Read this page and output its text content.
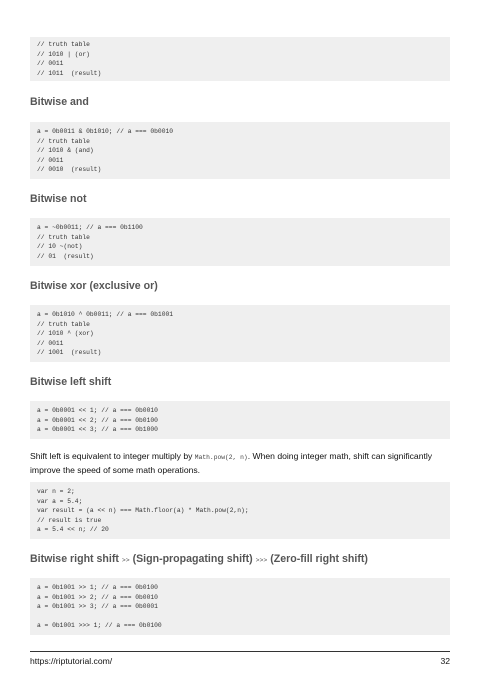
// truth table
// 1010 | (or)
// 0011
// 1011  (result)
Bitwise and
a = 0b0011 & 0b1010; // a === 0b0010
// truth table
// 1010 & (and)
// 0011
// 0010  (result)
Bitwise not
a = ~0b0011; // a === 0b1100
// truth table
// 10 ~(not)
// 01  (result)
Bitwise xor (exclusive or)
a = 0b1010 ^ 0b0011; // a === 0b1001
// truth table
// 1010 ^ (xor)
// 0011
// 1001  (result)
Bitwise left shift
a = 0b0001 << 1; // a === 0b0010
a = 0b0001 << 2; // a === 0b0100
a = 0b0001 << 3; // a === 0b1000
Shift left is equivalent to integer multiply by Math.pow(2, n). When doing integer math, shift can significantly improve the speed of some math operations.
var n = 2;
var a = 5.4;
var result = (a << n) === Math.floor(a) * Math.pow(2,n);
// result is true
a = 5.4 << n; // 20
Bitwise right shift >> (Sign-propagating shift) >>> (Zero-fill right shift)
a = 0b1001 >> 1; // a === 0b0100
a = 0b1001 >> 2; // a === 0b0010
a = 0b1001 >> 3; // a === 0b0001
a = 0b1001 >>> 1; // a === 0b0100
https://riptutorial.com/	32
